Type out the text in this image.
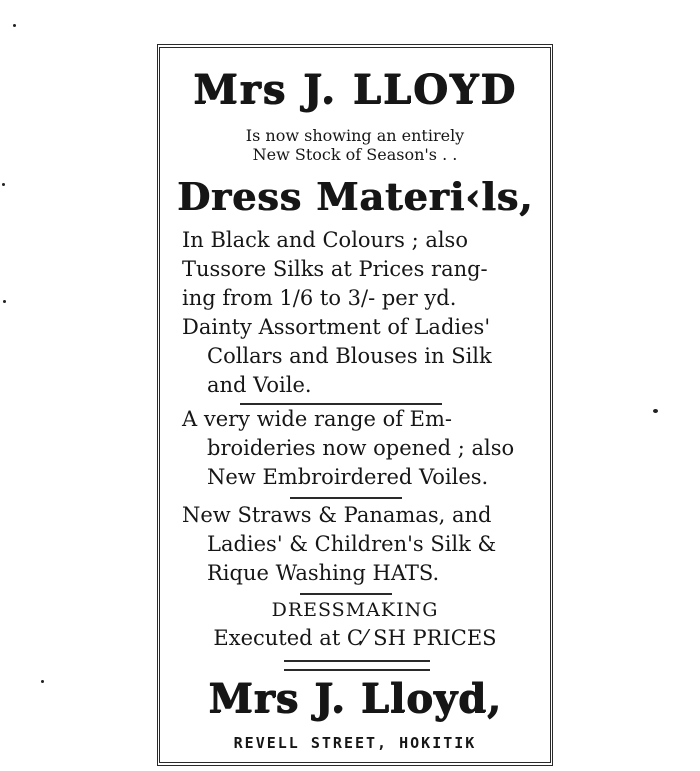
Mrs J. LLOYD
Is now showing an entirely
New Stock of Season's . .
Dress Materi‹ls,
In Black and Colours ; also
Tussore Silks at Prices rang-
ing from 1/6 to 3/- per yd.
Dainty Assortment of Ladies'
Collars and Blouses in Silk
and Voile.
A very wide range of Em-
broideries now opened ; also
New Embroirdered Voiles.
New Straws & Panamas, and
Ladies' & Children's Silk &
Rique Washing HATS.
DRESSMAKING
Executed at C⁄ SH PRICES
Mrs J. Lloyd,
REVELL STREET, HOKITIK
